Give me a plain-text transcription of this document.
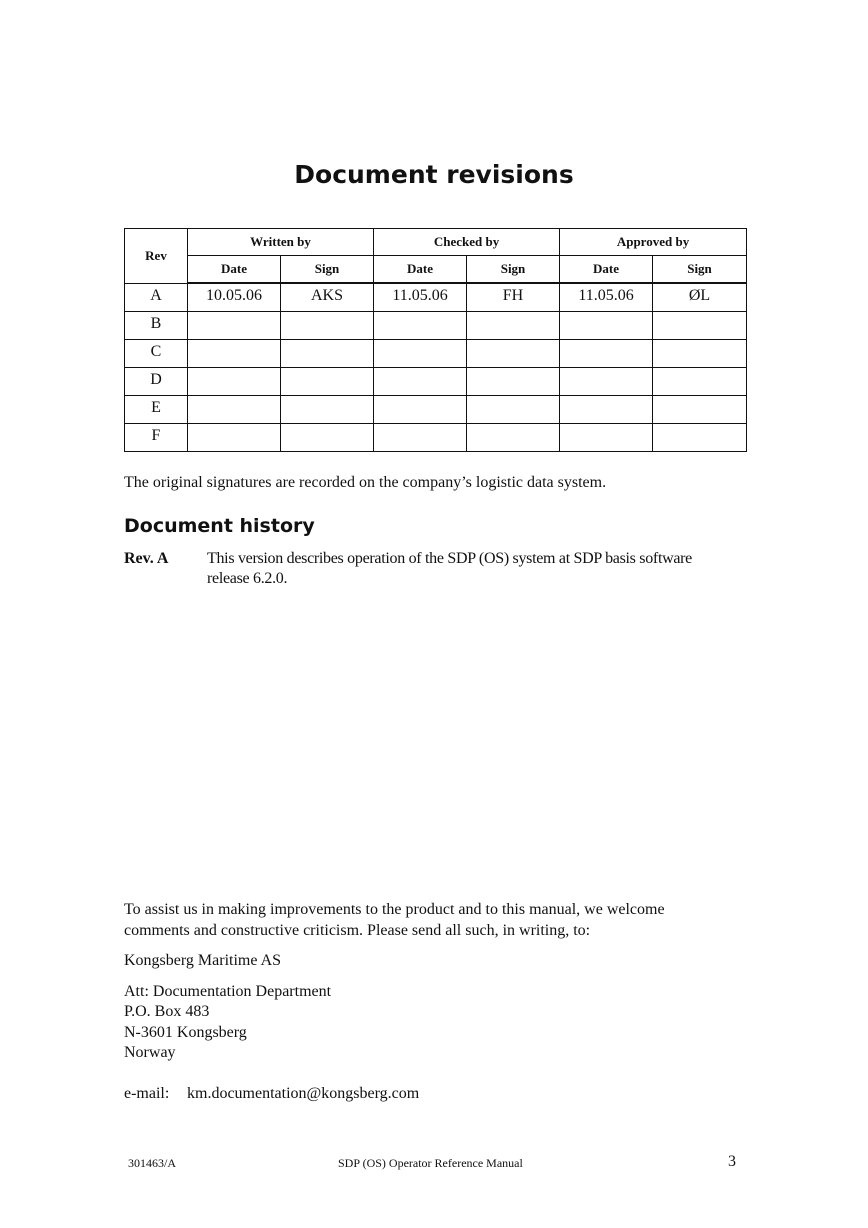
Document revisions
Rev	Written by		Checked by		Approved by	
	Date	Sign	Date	Sign	Date	Sign
A	10.05.06	AKS	11.05.06	FH	11.05.06	ØL
B						
C						
D						
E						
F						

The original signatures are recorded on the company’s logistic data system.

Document history
Rev. A This version describes operation of the SDP (OS) system at SDP basis software
release 6.2.0.

To assist us in making improvements to the product and to this manual, we welcome

comments and constructive criticism. Please send all such, in writing, to:

Kongsberg Maritime AS

Att: Documentation Department

P.O. Box 483

N-3601 Kongsberg

Norway

e-mail: km.documentation@kongsberg.com

301463/A	SDP (OS) Operator Reference Manual	3
